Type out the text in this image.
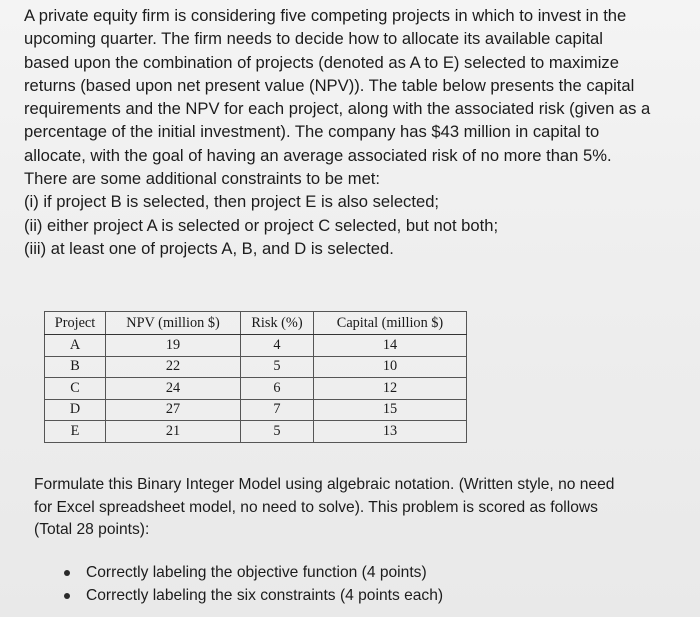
A private equity firm is considering five competing projects in which to invest in the

upcoming quarter. The firm needs to decide how to allocate its available capital

based upon the combination of projects (denoted as A to E) selected to maximize

returns (based upon net present value (NPV)). The table below presents the capital

requirements and the NPV for each project, along with the associated risk (given as a

percentage of the initial investment). The company has $43 million in capital to

allocate, with the goal of having an average associated risk of no more than 5%.

There are some additional constraints to be met:

(i) if project B is selected, then project E is also selected;

(ii) either project A is selected or project C selected, but not both;

(iii) at least one of projects A, B, and D is selected.

Project	NPV (million $)	Risk (%)	Capital (million $)
A	19	4	14
B	22	5	10
C	24	6	12
D	27	7	15
E	21	5	13

Formulate this Binary Integer Model using algebraic notation. (Written style, no need

for Excel spreadsheet model, no need to solve). This problem is scored as follows

(Total 28 points):

Correctly labeling the objective function (4 points)
Correctly labeling the six constraints (4 points each)
